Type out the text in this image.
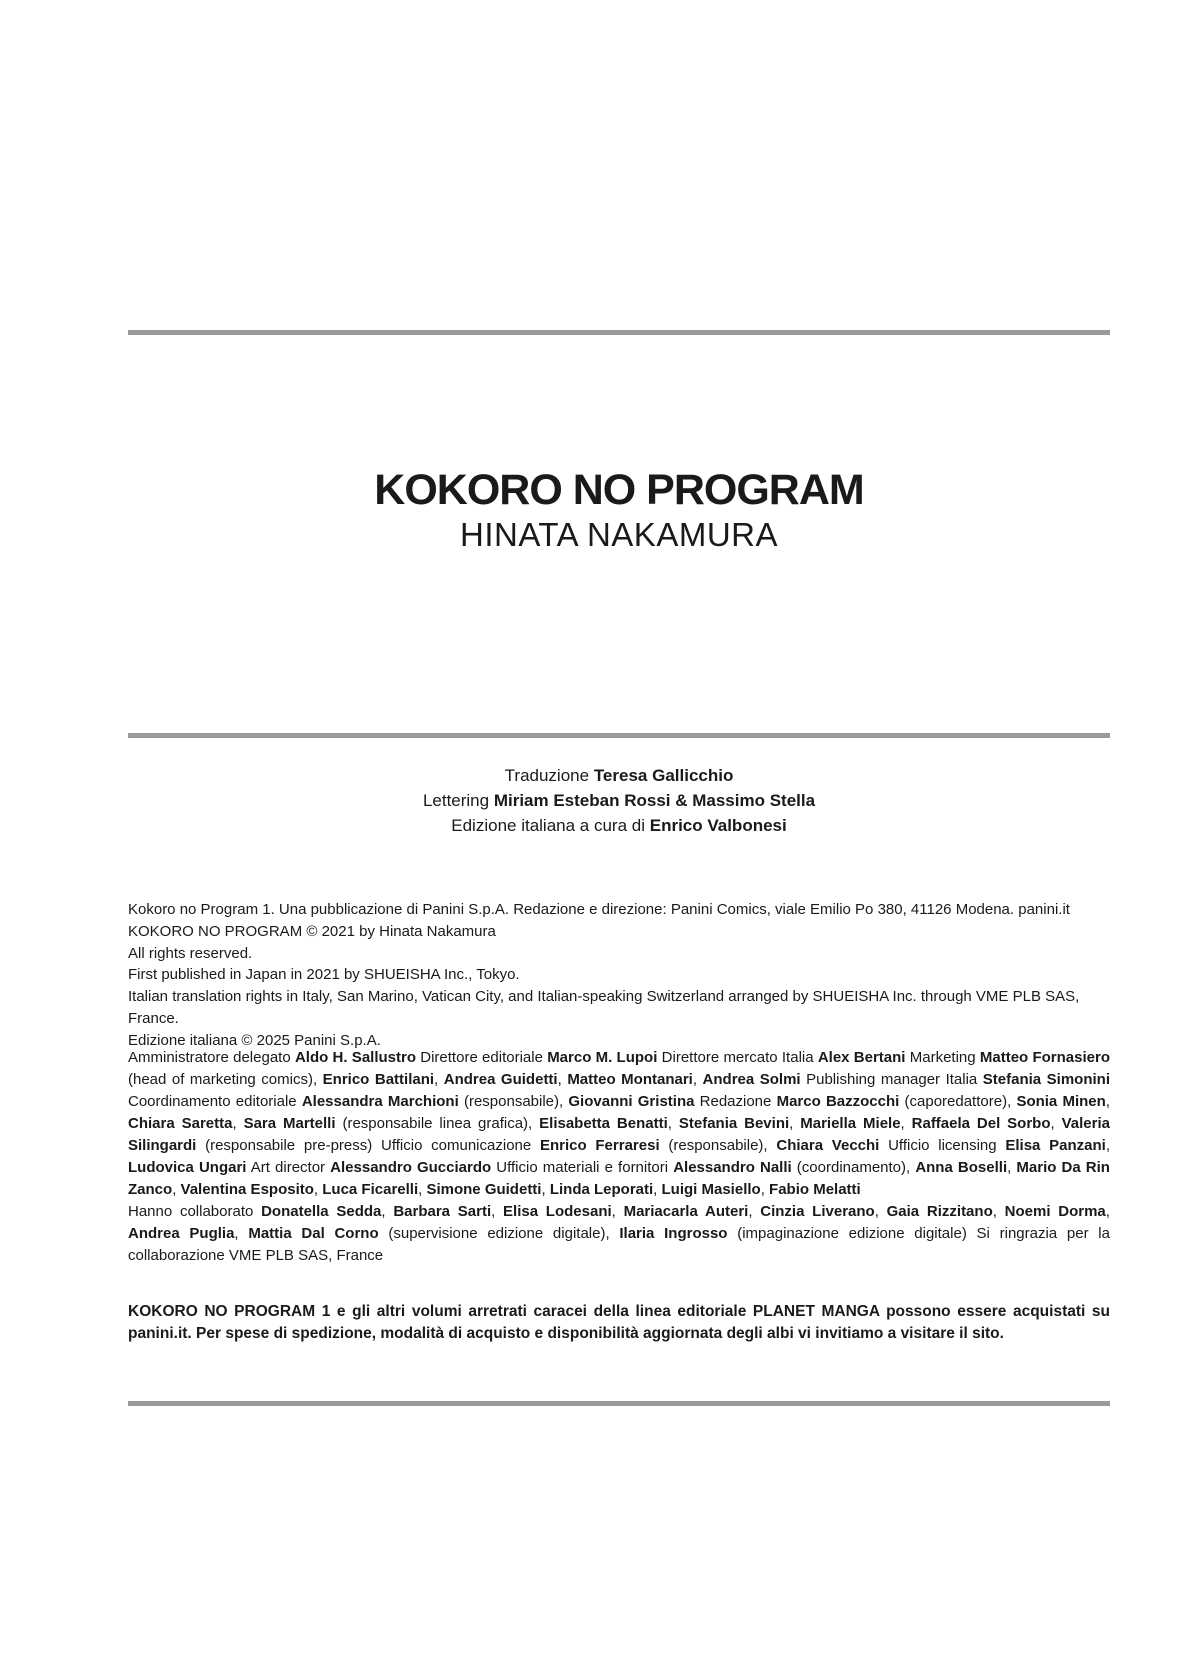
KOKORO NO PROGRAM
HINATA NAKAMURA
Traduzione Teresa Gallicchio
Lettering Miriam Esteban Rossi & Massimo Stella
Edizione italiana a cura di Enrico Valbonesi
Kokoro no Program 1. Una pubblicazione di Panini S.p.A. Redazione e direzione: Panini Comics, viale Emilio Po 380, 41126 Modena. panini.it
KOKORO NO PROGRAM © 2021 by Hinata Nakamura
All rights reserved.
First published in Japan in 2021 by SHUEISHA Inc., Tokyo.
Italian translation rights in Italy, San Marino, Vatican City, and Italian-speaking Switzerland arranged by SHUEISHA Inc. through VME PLB SAS, France.
Edizione italiana © 2025 Panini S.p.A.
Amministratore delegato Aldo H. Sallustro Direttore editoriale Marco M. Lupoi Direttore mercato Italia Alex Bertani Marketing Matteo Fornasiero (head of marketing comics), Enrico Battilani, Andrea Guidetti, Matteo Montanari, Andrea Solmi Publishing manager Italia Stefania Simonini Coordinamento editoriale Alessandra Marchioni (responsabile), Giovanni Gristina Redazione Marco Bazzocchi (caporedattore), Sonia Minen, Chiara Saretta, Sara Martelli (responsabile linea grafica), Elisabetta Benatti, Stefania Bevini, Mariella Miele, Raffaela Del Sorbo, Valeria Silingardi (responsabile pre-press) Ufficio comunicazione Enrico Ferraresi (responsabile), Chiara Vecchi Ufficio licensing Elisa Panzani, Ludovica Ungari Art director Alessandro Gucciardo Ufficio materiali e fornitori Alessandro Nalli (coordinamento), Anna Boselli, Mario Da Rin Zanco, Valentina Esposito, Luca Ficarelli, Simone Guidetti, Linda Leporati, Luigi Masiello, Fabio Melatti
Hanno collaborato Donatella Sedda, Barbara Sarti, Elisa Lodesani, Mariacarla Auteri, Cinzia Liverano, Gaia Rizzitano, Noemi Dorma, Andrea Puglia, Mattia Dal Corno (supervisione edizione digitale), Ilaria Ingrosso (impaginazione edizione digitale) Si ringrazia per la collaborazione VME PLB SAS, France
KOKORO NO PROGRAM 1 e gli altri volumi arretrati caracei della linea editoriale PLANET MANGA possono essere acquistati su panini.it. Per spese di spedizione, modalità di acquisto e disponibilità aggiornata degli albi vi invitiamo a visitare il sito.
